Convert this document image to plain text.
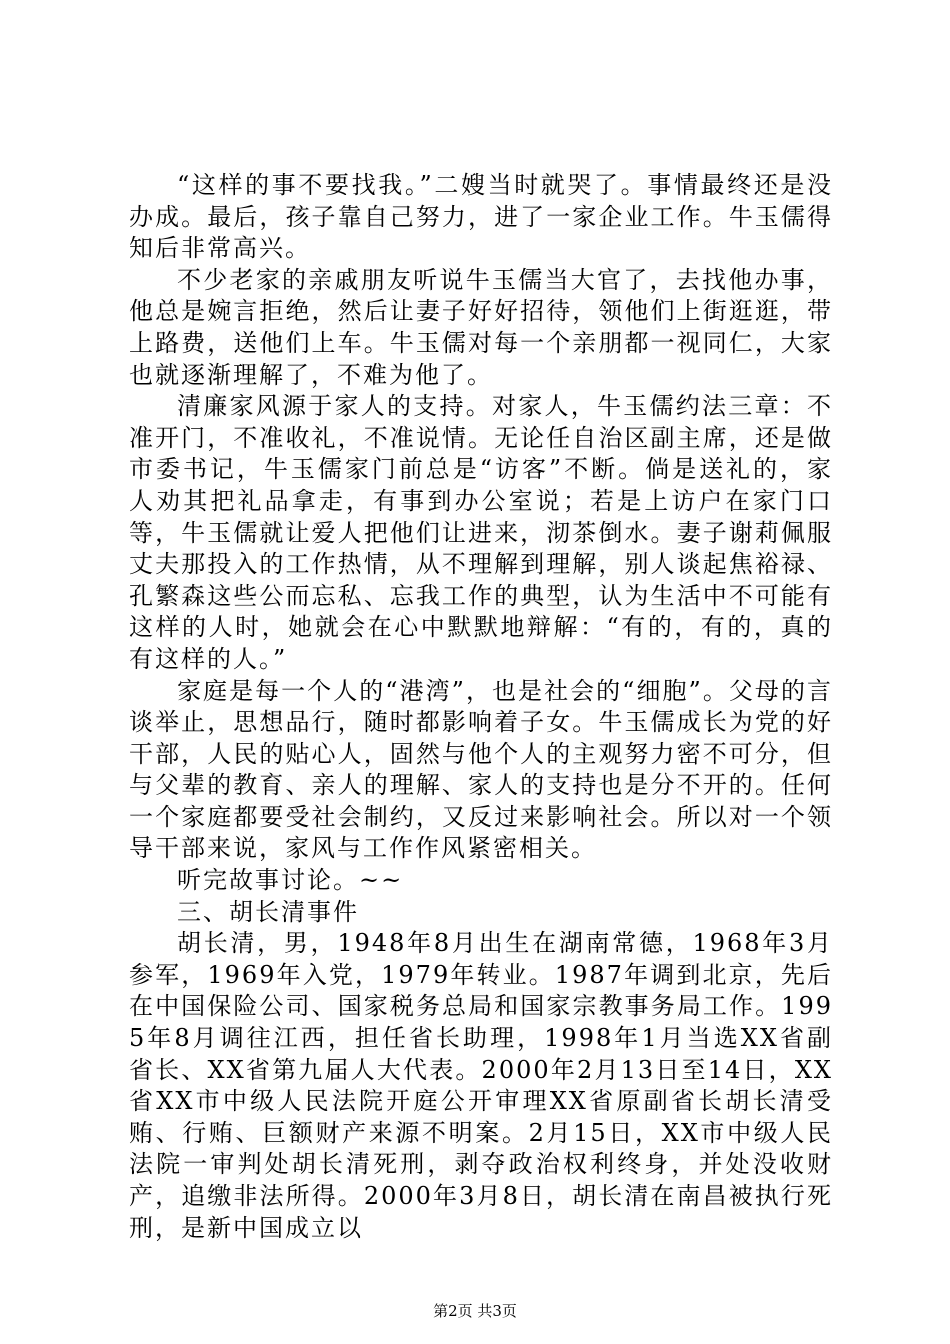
“这样的事不要找我。”二嫂当时就哭了。事情最终还是没办成。最后，孩子靠自己努力，进了一家企业工作。牛玉儒得知后非常高兴。

不少老家的亲戚朋友听说牛玉儒当大官了，去找他办事，他总是婉言拒绝，然后让妻子好好招待，领他们上街逛逛，带上路费，送他们上车。牛玉儒对每一个亲朋都一视同仁，大家也就逐渐理解了，不难为他了。

清廉家风源于家人的支持。对家人，牛玉儒约法三章：不准开门，不准收礼，不准说情。无论任自治区副主席，还是做市委书记，牛玉儒家门前总是“访客”不断。倘是送礼的，家人劝其把礼品拿走，有事到办公室说；若是上访户在家门口等，牛玉儒就让爱人把他们让进来，沏茶倒水。妻子谢莉佩服丈夫那投入的工作热情，从不理解到理解，别人谈起焦裕禄、孔繁森这些公而忘私、忘我工作的典型，认为生活中不可能有这样的人时，她就会在心中默默地辩解：“有的，有的，真的有这样的人。”

家庭是每一个人的“港湾”，也是社会的“细胞”。父母的言谈举止，思想品行，随时都影响着子女。牛玉儒成长为党的好干部，人民的贴心人，固然与他个人的主观努力密不可分，但与父辈的教育、亲人的理解、家人的支持也是分不开的。任何一个家庭都要受社会制约，又反过来影响社会。所以对一个领导干部来说，家风与工作作风紧密相关。

听完故事讨论。~~

三、胡长清事件

胡长清，男，1948年8月出生在湖南常德，1968年3月参军，1969年入党，1979年转业。1987年调到北京，先后在中国保险公司、国家税务总局和国家宗教事务局工作。1995年8月调往江西，担任省长助理，1998年1月当选XX省副省长、XX省第九届人大代表。2000年2月13日至14日，XX省XX市中级人民法院开庭公开审理XX省原副省长胡长清受贿、行贿、巨额财产来源不明案。2月15日，XX市中级人民法院一审判处胡长清死刑，剥夺政治权利终身，并处没收财产，追缴非法所得。2000年3月8日，胡长清在南昌被执行死刑，是新中国成立以

第2页 共3页
